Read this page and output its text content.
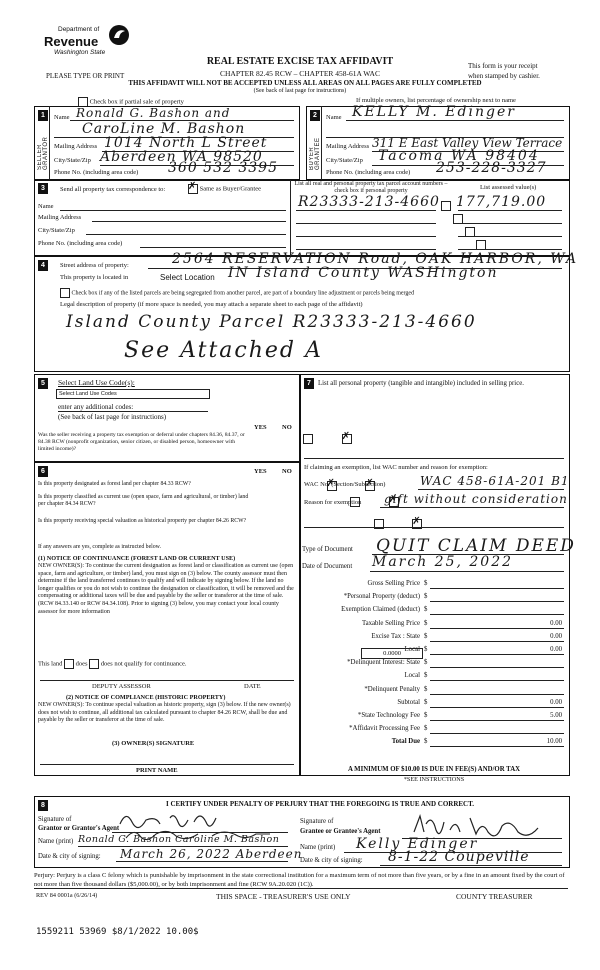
Department of
Revenue
Washington State
PLEASE TYPE OR PRINT
REAL ESTATE EXCISE TAX AFFIDAVIT
CHAPTER 82.45 RCW – CHAPTER 458-61A WAC
THIS AFFIDAVIT WILL NOT BE ACCEPTED UNLESS ALL AREAS ON ALL PAGES ARE FULLY COMPLETED
(See back of last page for instructions)
This form is your receipt
when stamped by cashier.
Check box if partial sale of property	If multiple owners, list percentage of ownership next to name
1
SELLER GRANTOR
Name Ronald G. Bashon and
CaroLine M. Bashon
Mailing Address 1014 North L Street
City/State/Zip Aberdeen WA 98520
Phone No. (including area code) 360 532 3395
2
BUYER GRANTEE
Name KELLY M. Edinger
Mailing Address 311 E East Valley View Terrace
City/State/Zip Tacoma WA 98404
Phone No. (including area code) 253-228-3327
3	Send all property tax correspondence to: ✗	Same as Buyer/Grantee
Name
Mailing Address
City/State/Zip
Phone No. (including area code)
List all real and personal property tax parcel account numbers – check box if personal property	List assessed value(s)
R23333-213-4660 177,719.00

4	Street address of property:	2564 RESERVATION Road, OAK HARBOR, WA
This property is located in	Select Location IN Island County WASHington
Check box if any of the listed parcels are being segregated from another parcel, are part of a boundary line adjustment or parcels being merged
Legal description of property (if more space is needed, you may attach a separate sheet to each page of the affidavit)
Island County Parcel R23333-213-4660
See Attached A
5	Select Land Use Code(s):
Select Land Use Codes
enter any additional codes:
(See back of last page for instructions)
YES NO
Was the seller receiving a property tax exemption or deferral under chapters 84.36, 84.37, or 84.38 RCW (nonprofit organization, senior citizen, or disabled person, homeowner with limited income)?
✗
6	YES NO
Is this property designated as forest land per chapter 84.33 RCW?
✗ ✗
Is this property classified as current use (open space, farm and agricultural, or timber) land per chapter 84.34 RCW?
✗
Is this property receiving special valuation as historical property per chapter 84.26 RCW?
✗
If any answers are yes, complete as instructed below.
(1) NOTICE OF CONTINUANCE (FOREST LAND OR CURRENT USE)
NEW OWNER(S): To continue the current designation as forest land or classification as current use (open space, farm and agriculture, or timber) land, you must sign on (3) below. The county assessor must then determine if the land transferred continues to qualify and will indicate by signing below. If the land no longer qualifies or you do not wish to continue the designation or classification, it will be removed and the compensating or additional taxes will be due and payable by the seller or transferor at the time of sale. (RCW 84.33.140 or RCW 84.34.108). Prior to signing (3) below, you may contact your local county assessor for more information
This land does does not qualify for continuance.
DEPUTY ASSESSOR	DATE
(2) NOTICE OF COMPLIANCE (HISTORIC PROPERTY)
NEW OWNER(S): To continue special valuation as historic property, sign (3) below. If the new owner(s) does not wish to continue, all additional tax calculated pursuant to chapter 84.26 RCW, shall be due and payable by the seller or transferor at the time of sale.
(3) OWNER(S) SIGNATURE
PRINT NAME
7	List all personal property (tangible and intangible) included in selling price.
If claiming an exemption, list WAC number and reason for exemption:
WAC No. (Section/Subsection)	WAC 458-61A-201 B1
Reason for exemption gift without consideration
Type of Document QUIT CLAIM DEED
Date of Document March 25, 2022
Gross Selling Price $
*Personal Property (deduct) $
Exemption Claimed (deduct) $
Taxable Selling Price $	0.00
Excise Tax : State $	0.00
Local $	0.00
*Delinquent Interest: State $
Local $
*Delinquent Penalty $
Subtotal $	0.00
*State Technology Fee $	5.00
*Affidavit Processing Fee $
Total Due $	10.00
0.0000
A MINIMUM OF $10.00 IS DUE IN FEE(S) AND/OR TAX
*SEE INSTRUCTIONS
8	I CERTIFY UNDER PENALTY OF PERJURY THAT THE FOREGOING IS TRUE AND CORRECT.
Signature of
Grantor or Grantor's Agent
Name (print) Ronald G. Bashon Caroline M. Bashon
Date & city of signing: March 26, 2022 Aberdeen
Signature of
Grantee or Grantee's Agent
Name (print) Kelly Edinger
Date & city of signing: 8-1-22 Coupeville
Perjury: Perjury is a class C felony which is punishable by imprisonment in the state correctional institution for a maximum term of not more than five years, or by a fine in an amount fixed by the court of not more than five thousand dollars ($5,000.00), or by both imprisonment and fine (RCW 9A.20.020 (1C)).
REV 84 0001a (6/26/14)	THIS SPACE - TREASURER'S USE ONLY	COUNTY TREASURER
1559211 53969 $8/1/2022 10.00$
